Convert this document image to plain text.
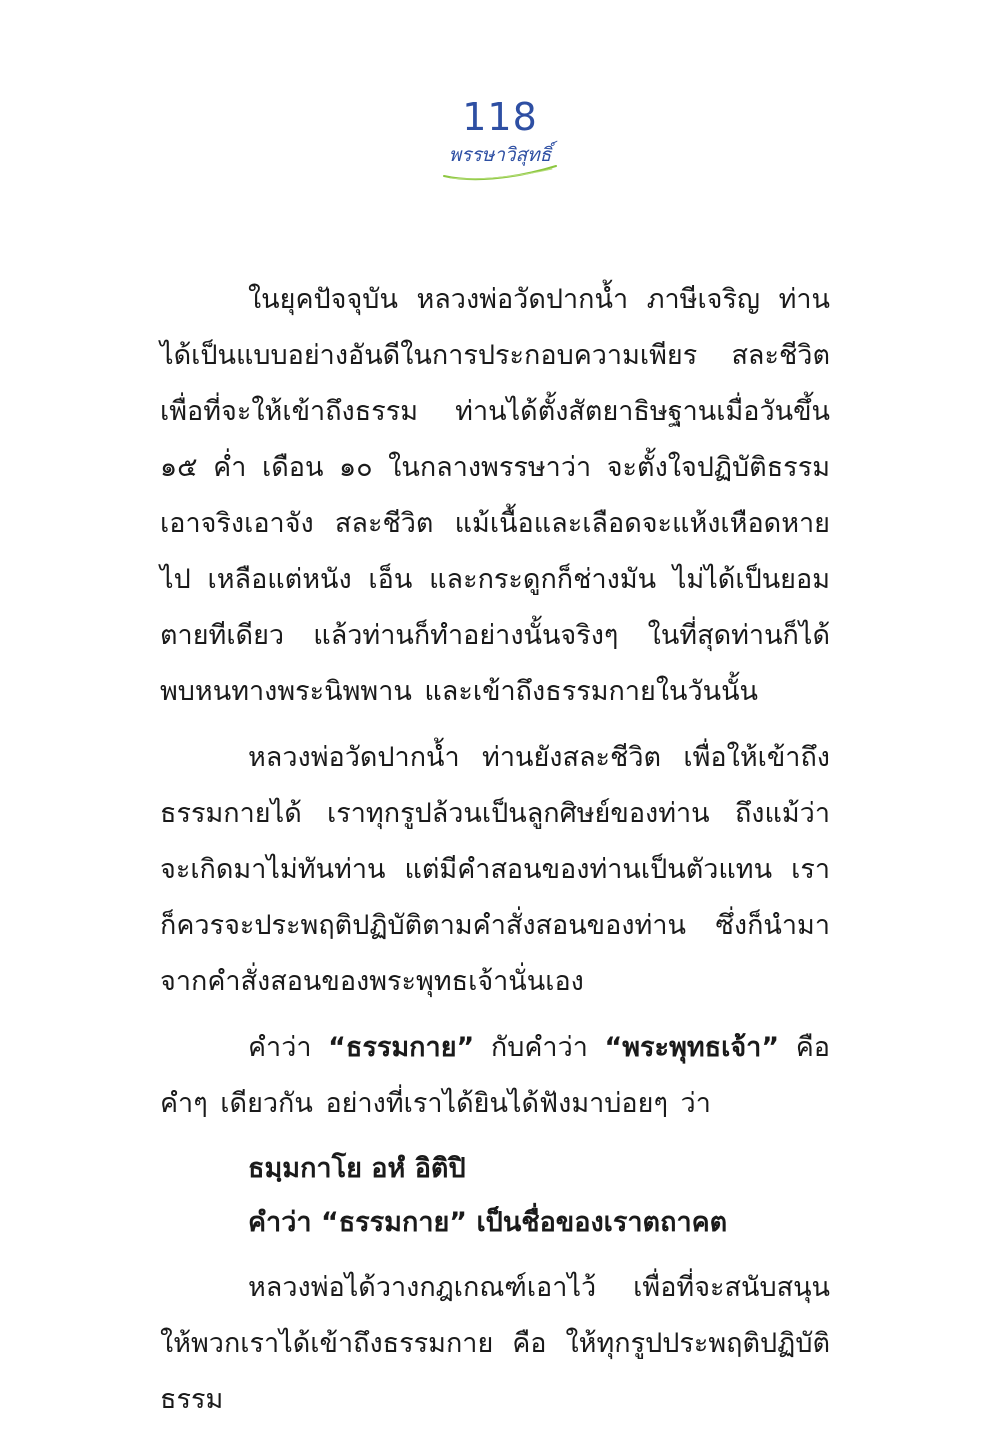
118
พรรษาวิสุทธิ์

ในยุคปัจจุบัน หลวงพ่อวัดปากน้ำ ภาษีเจริญ ท่านได้เป็นแบบอย่างอันดีในการประกอบความเพียร สละชีวิตเพื่อที่จะให้เข้าถึงธรรม ท่านได้ตั้งสัตยาธิษฐานเมื่อวันขึ้น ๑๕ ค่ำ เดือน ๑๐ ในกลางพรรษาว่า จะตั้งใจปฏิบัติธรรม เอาจริงเอาจัง สละชีวิต แม้เนื้อและเลือดจะแห้งเหือดหายไป เหลือแต่หนัง เอ็น และกระดูกก็ช่างมัน ไม่ได้เป็นยอมตายทีเดียว แล้วท่านก็ทำอย่างนั้นจริงๆ ในที่สุดท่านก็ได้พบหนทางพระนิพพาน และเข้าถึงธรรมกายในวันนั้น

หลวงพ่อวัดปากน้ำ ท่านยังสละชีวิต เพื่อให้เข้าถึงธรรมกายได้ เราทุกรูปล้วนเป็นลูกศิษย์ของท่าน ถึงแม้ว่าจะเกิดมาไม่ทันท่าน แต่มีคำสอนของท่านเป็นตัวแทน เราก็ควรจะประพฤติปฏิบัติตามคำสั่งสอนของท่าน ซึ่งก็นำมาจากคำสั่งสอนของพระพุทธเจ้านั่นเอง

คำว่า “ธรรมกาย” กับคำว่า “พระพุทธเจ้า” คือคำๆ เดียวกัน อย่างที่เราได้ยินได้ฟังมาบ่อยๆ ว่า

ธมฺมกาโย อหํ อิติปิ
คำว่า “ธรรมกาย” เป็นชื่อของเราตถาคต

หลวงพ่อได้วางกฎเกณฑ์เอาไว้ เพื่อที่จะสนับสนุนให้พวกเราได้เข้าถึงธรรมกาย คือ ให้ทุกรูปประพฤติปฏิบัติธรรม
